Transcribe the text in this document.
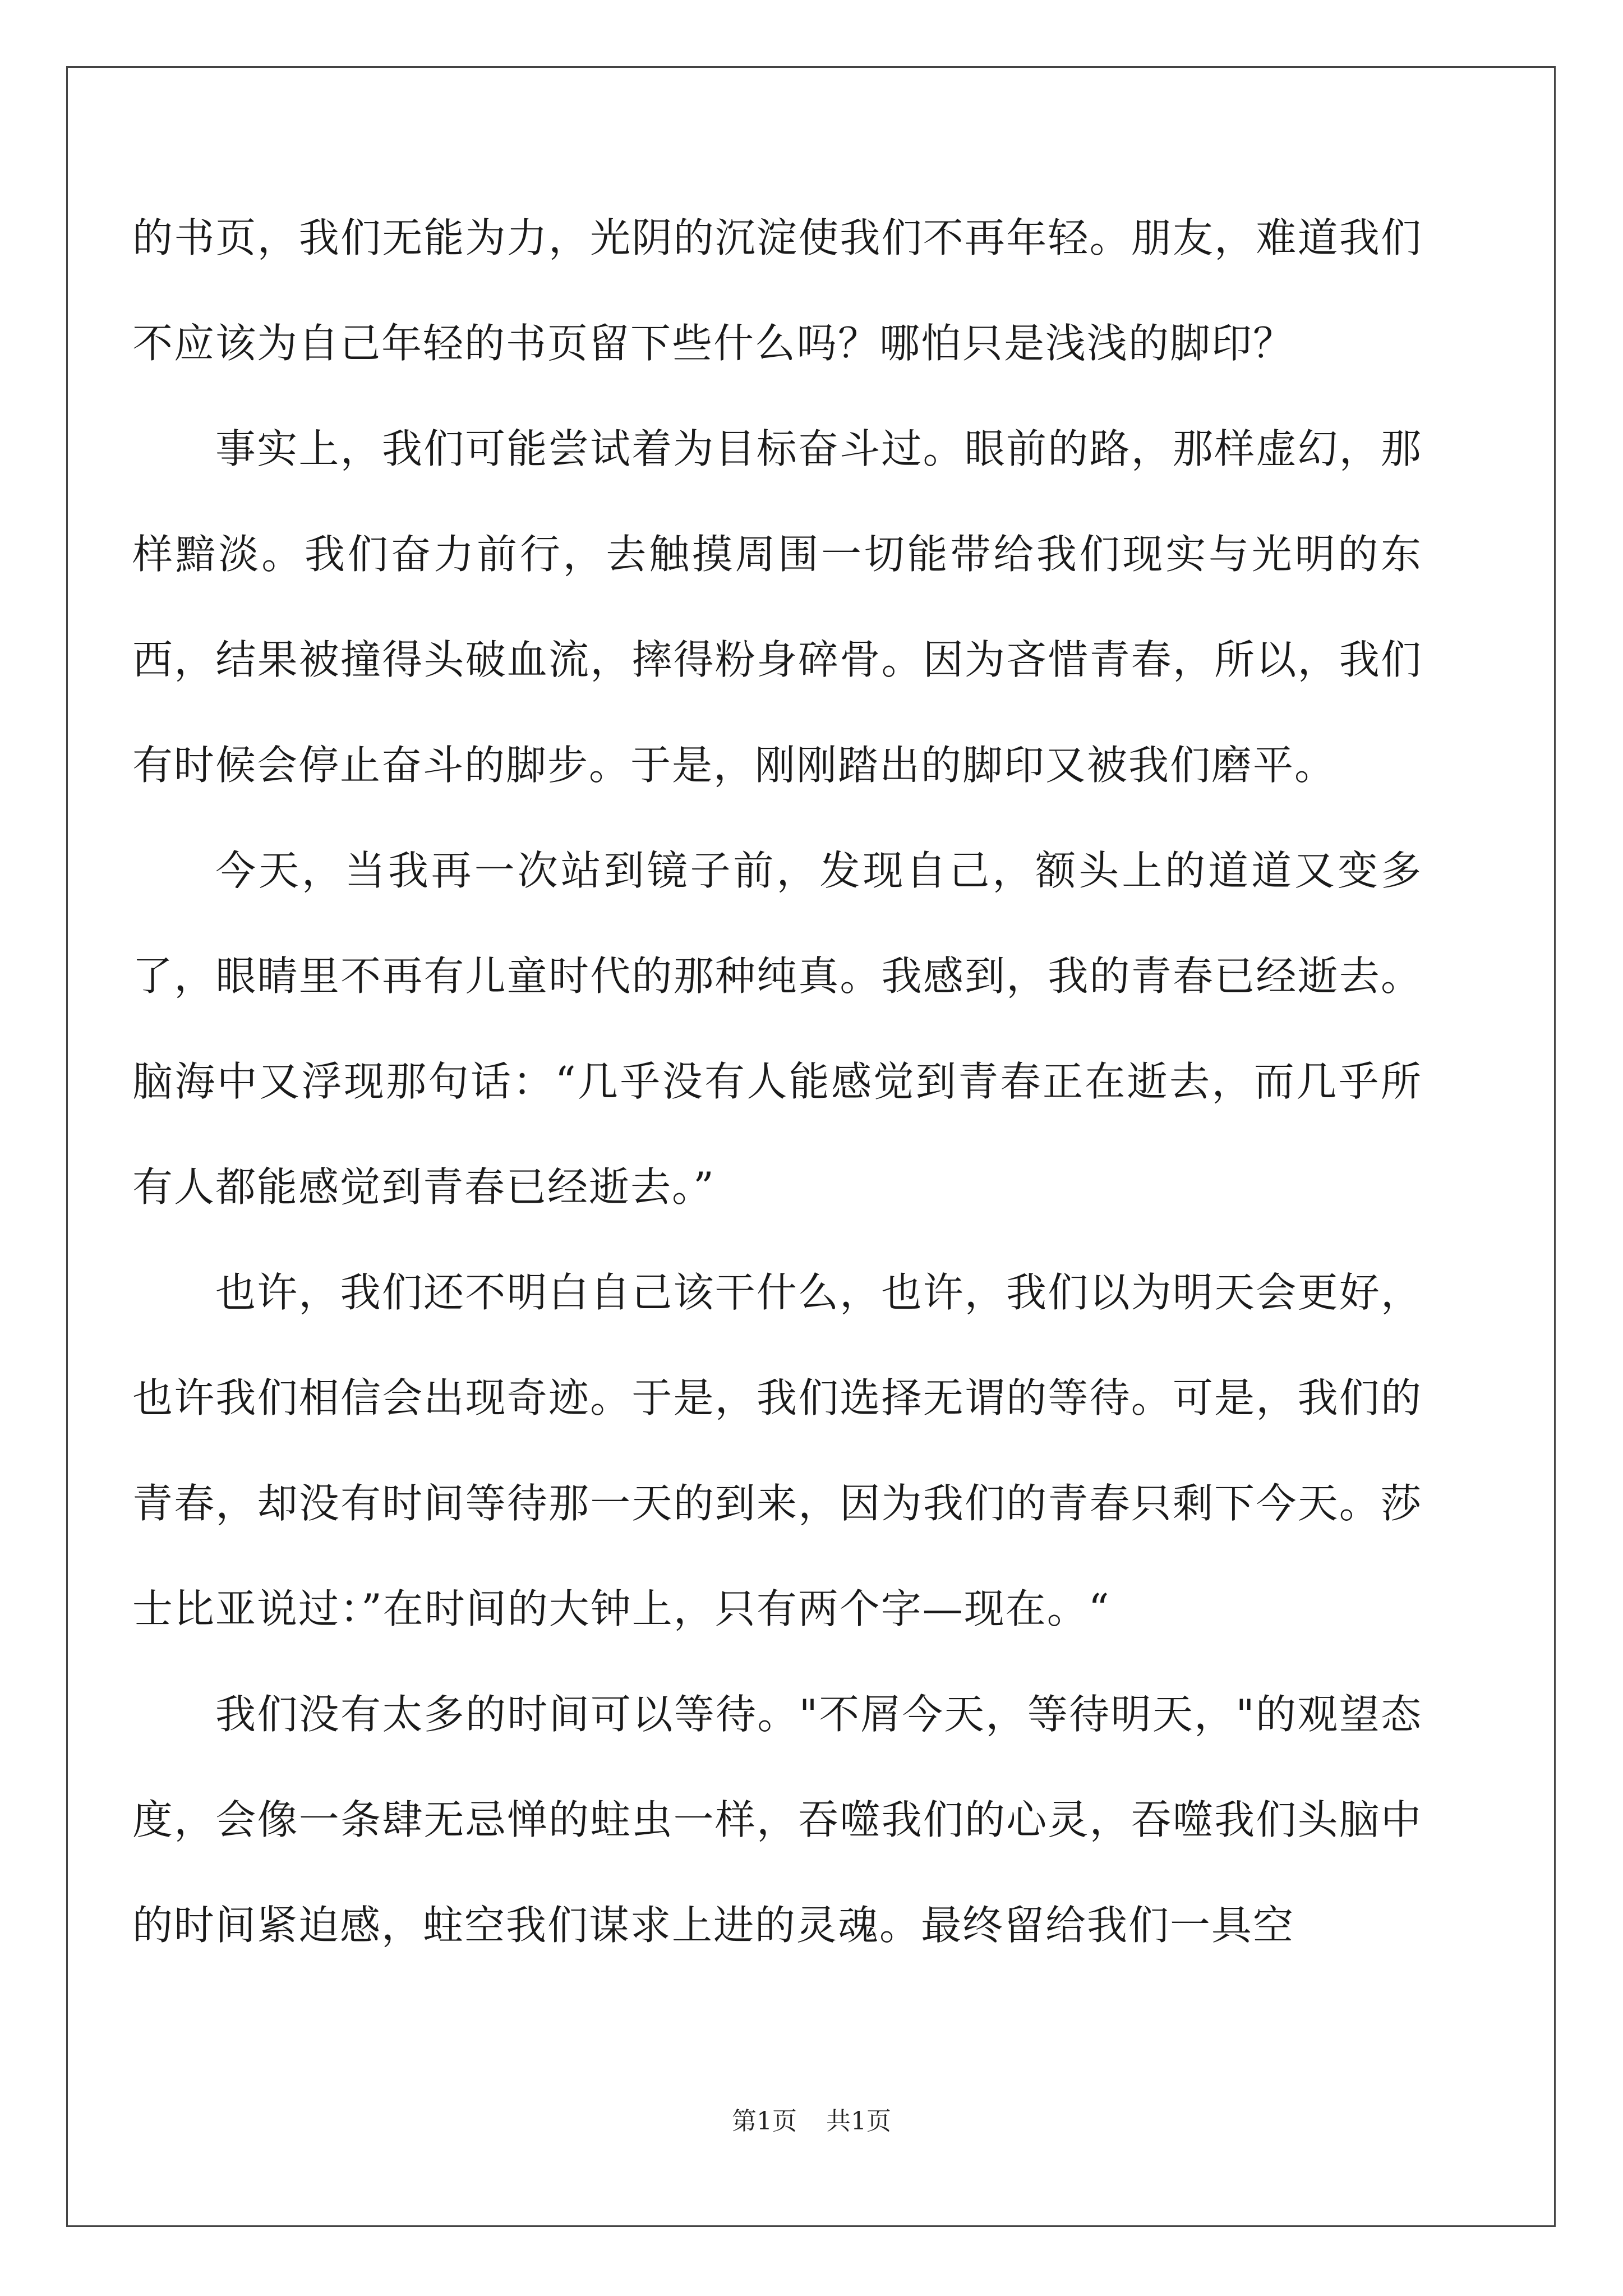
的书页，我们无能为力，光阴的沉淀使我们不再年轻。朋友，难道我们不应该为自己年轻的书页留下些什么吗？哪怕只是浅浅的脚印？

事实上，我们可能尝试着为目标奋斗过。眼前的路，那样虚幻，那样黯淡。我们奋力前行，去触摸周围一切能带给我们现实与光明的东西，结果被撞得头破血流，摔得粉身碎骨。因为吝惜青春，所以，我们有时候会停止奋斗的脚步。于是，刚刚踏出的脚印又被我们磨平。

今天，当我再一次站到镜子前，发现自己，额头上的道道又变多了，眼睛里不再有儿童时代的那种纯真。我感到，我的青春已经逝去。脑海中又浮现那句话：“几乎没有人能感觉到青春正在逝去，而几乎所有人都能感觉到青春已经逝去。”

也许，我们还不明白自己该干什么，也许，我们以为明天会更好，也许我们相信会出现奇迹。于是，我们选择无谓的等待。可是，我们的青春，却没有时间等待那一天的到来，因为我们的青春只剩下今天。莎士比亚说过：”在时间的大钟上，只有两个字—现在。“

我们没有太多的时间可以等待。"不屑今天，等待明天，"的观望态度，会像一条肆无忌惮的蛀虫一样，吞噬我们的心灵，吞噬我们头脑中的时间紧迫感，蛀空我们谋求上进的灵魂。最终留给我们一具空

第1页 共1页
